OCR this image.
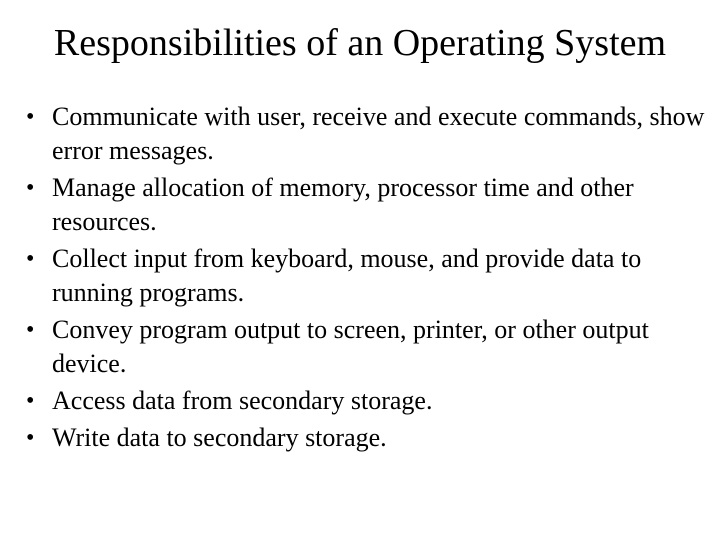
Responsibilities of an Operating System
• Communicate with user, receive and execute commands, show error messages.
• Manage allocation of memory, processor time and other resources.
• Collect input from keyboard, mouse, and provide data to running programs.
• Convey program output to screen, printer, or other output device.
• Access data from secondary storage.
• Write data to secondary storage.
